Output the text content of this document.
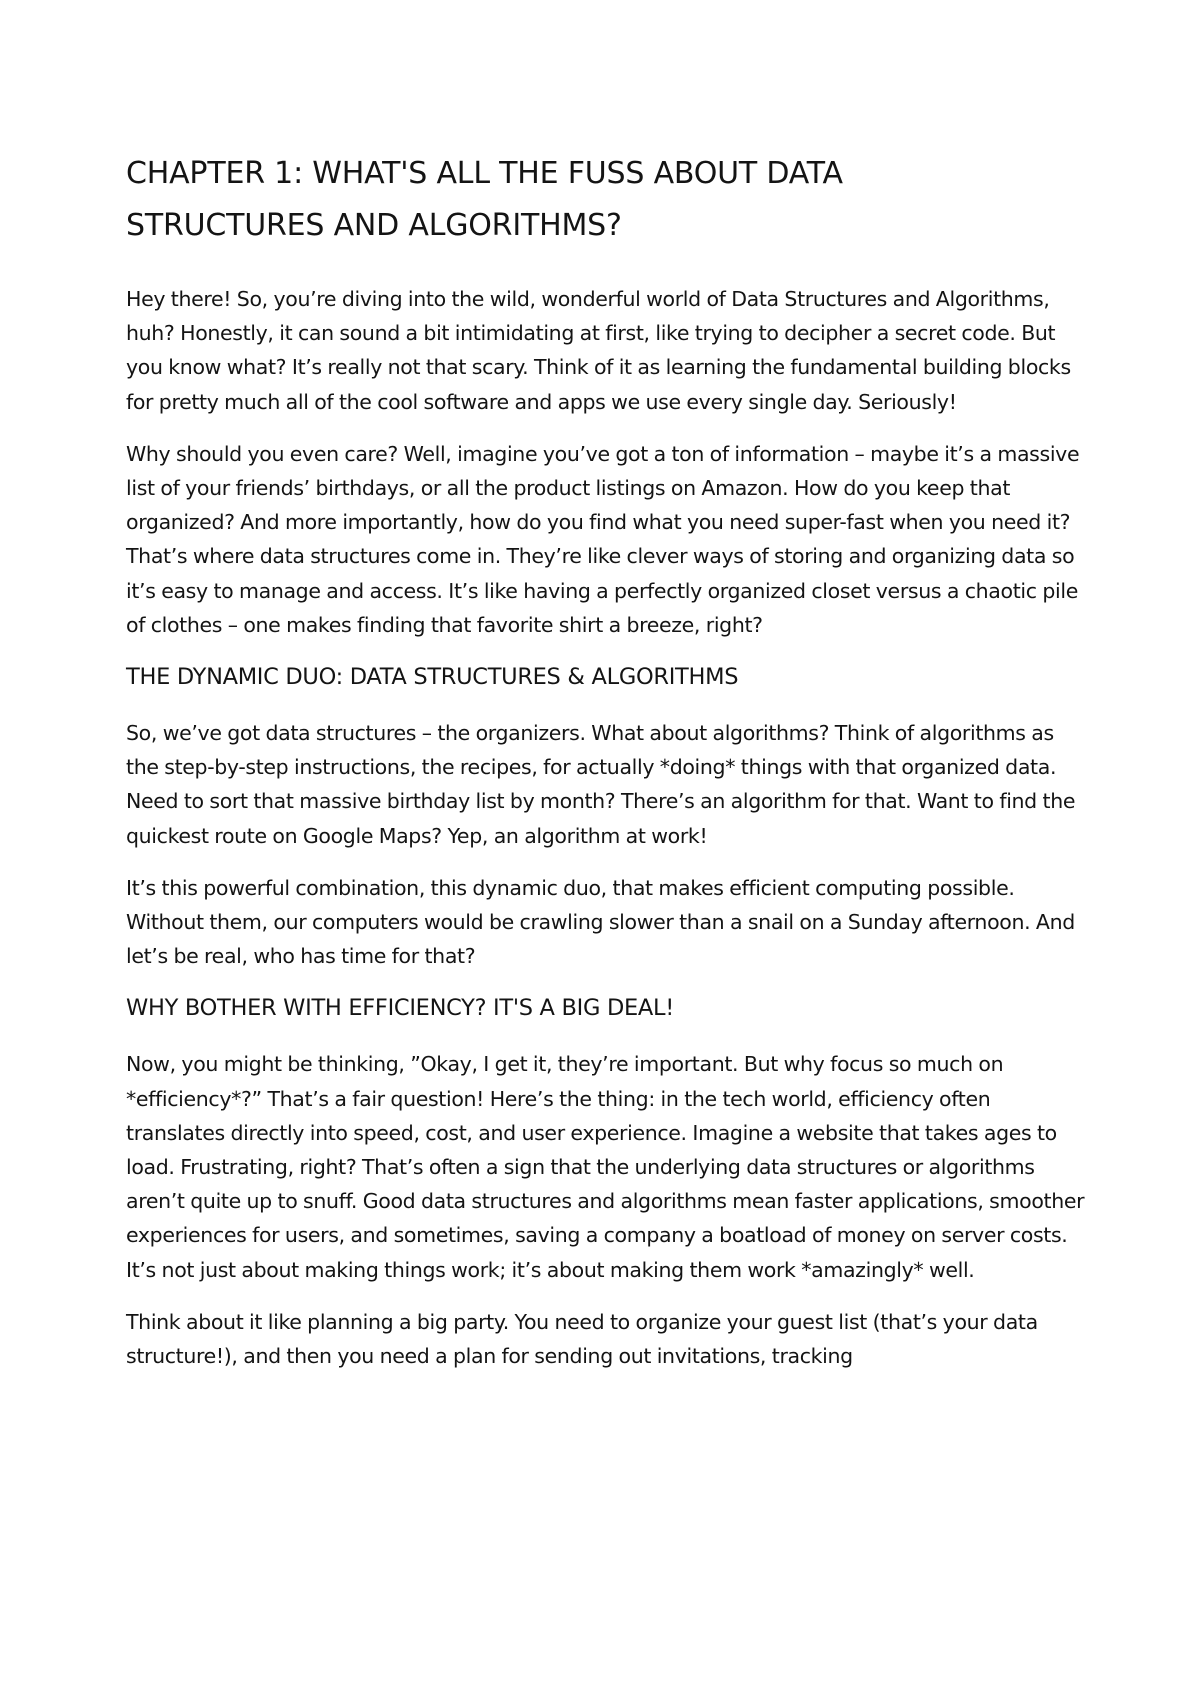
CHAPTER 1: WHAT'S ALL THE FUSS ABOUT DATA STRUCTURES AND ALGORITHMS?

Hey there! So, you’re diving into the wild, wonderful world of Data Structures and Algorithms, huh? Honestly, it can sound a bit intimidating at first, like trying to decipher a secret code. But you know what? It’s really not that scary. Think of it as learning the fundamental building blocks for pretty much all of the cool software and apps we use every single day. Seriously!

Why should you even care? Well, imagine you’ve got a ton of information – maybe it’s a massive list of your friends’ birthdays, or all the product listings on Amazon. How do you keep that organized? And more importantly, how do you find what you need super-fast when you need it? That’s where data structures come in. They’re like clever ways of storing and organizing data so it’s easy to manage and access. It’s like having a perfectly organized closet versus a chaotic pile of clothes – one makes finding that favorite shirt a breeze, right?

THE DYNAMIC DUO: DATA STRUCTURES & ALGORITHMS

So, we’ve got data structures – the organizers. What about algorithms? Think of algorithms as the step-by-step instructions, the recipes, for actually *doing* things with that organized data. Need to sort that massive birthday list by month? There’s an algorithm for that. Want to find the quickest route on Google Maps? Yep, an algorithm at work!

It’s this powerful combination, this dynamic duo, that makes efficient computing possible. Without them, our computers would be crawling slower than a snail on a Sunday afternoon. And let’s be real, who has time for that?

WHY BOTHER WITH EFFICIENCY? IT'S A BIG DEAL!

Now, you might be thinking, ”Okay, I get it, they’re important. But why focus so much on *efficiency*?” That’s a fair question! Here’s the thing: in the tech world, efficiency often translates directly into speed, cost, and user experience. Imagine a website that takes ages to load. Frustrating, right? That’s often a sign that the underlying data structures or algorithms aren’t quite up to snuff. Good data structures and algorithms mean faster applications, smoother experiences for users, and sometimes, saving a company a boatload of money on server costs. It’s not just about making things work; it’s about making them work *amazingly* well.

Think about it like planning a big party. You need to organize your guest list (that’s your data structure!), and then you need a plan for sending out invitations, tracking
